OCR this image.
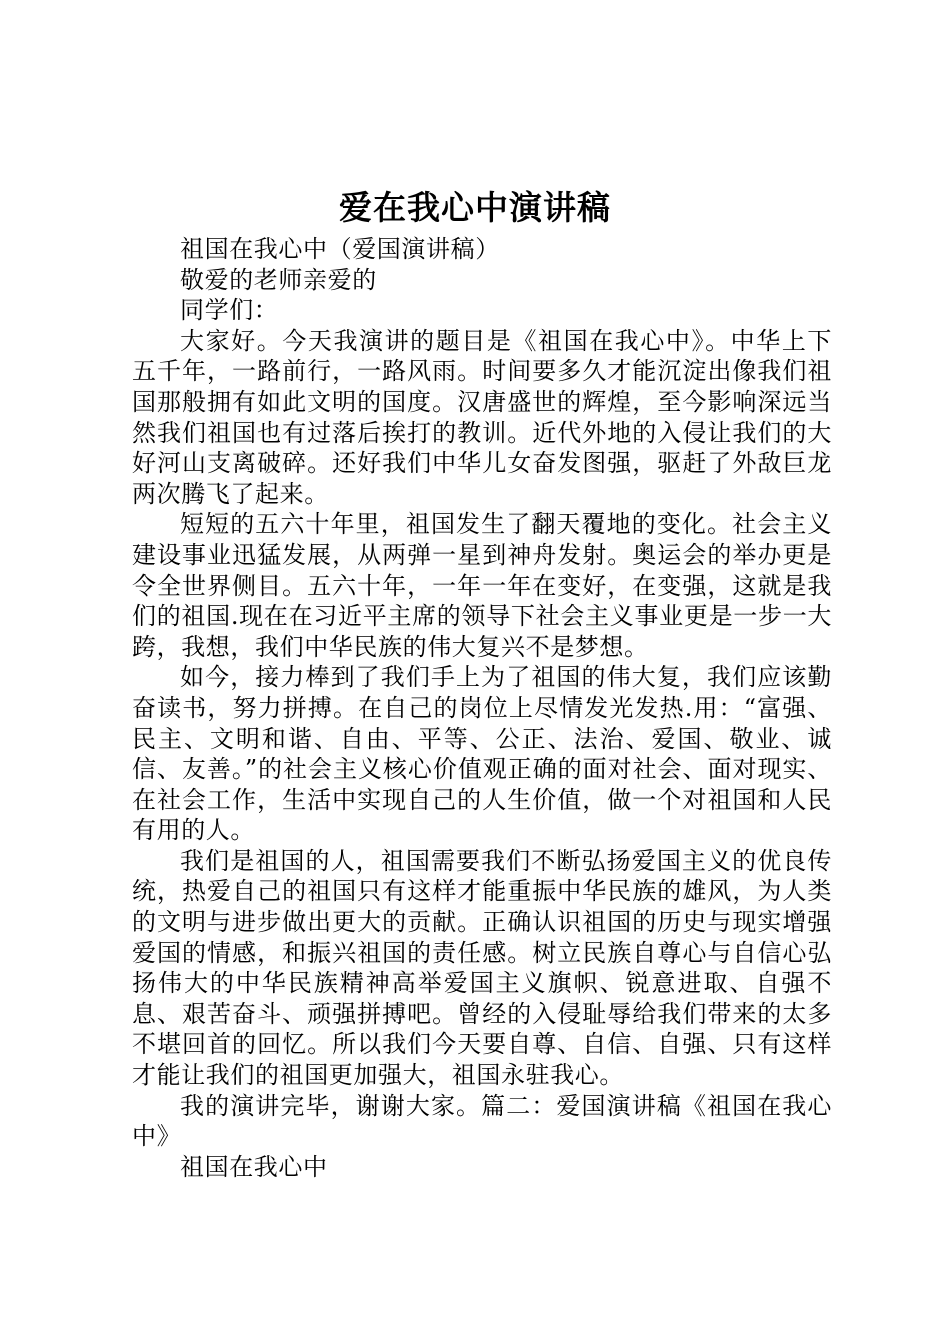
爱在我心中演讲稿

祖国在我心中（爱国演讲稿）

敬爱的老师亲爱的

同学们：

大家好。今天我演讲的题目是《祖国在我心中》。中华上下五千年，一路前行，一路风雨。时间要多久才能沉淀出像我们祖国那般拥有如此文明的国度。汉唐盛世的辉煌，至今影响深远当然我们祖国也有过落后挨打的教训。近代外地的入侵让我们的大好河山支离破碎。还好我们中华儿女奋发图强，驱赶了外敌巨龙两次腾飞了起来。

短短的五六十年里，祖国发生了翻天覆地的变化。社会主义建设事业迅猛发展，从两弹一星到神舟发射。奥运会的举办更是令全世界侧目。五六十年，一年一年在变好，在变强，这就是我们的祖国.现在在习近平主席的领导下社会主义事业更是一步一大跨，我想，我们中华民族的伟大复兴不是梦想。

如今，接力棒到了我们手上为了祖国的伟大复，我们应该勤奋读书，努力拼搏。在自己的岗位上尽情发光发热.用：“富强、民主、文明和谐、自由、平等、公正、法治、爱国、敬业、诚信、友善。”的社会主义核心价值观正确的面对社会、面对现实、在社会工作，生活中实现自己的人生价值，做一个对祖国和人民有用的人。

我们是祖国的人，祖国需要我们不断弘扬爱国主义的优良传统，热爱自己的祖国只有这样才能重振中华民族的雄风，为人类的文明与进步做出更大的贡献。正确认识祖国的历史与现实增强爱国的情感，和振兴祖国的责任感。树立民族自尊心与自信心弘扬伟大的中华民族精神高举爱国主义旗帜、锐意进取、自强不息、艰苦奋斗、顽强拼搏吧。曾经的入侵耻辱给我们带来的太多不堪回首的回忆。所以我们今天要自尊、自信、自强、只有这样才能让我们的祖国更加强大，祖国永驻我心。

我的演讲完毕，谢谢大家。篇二：爱国演讲稿《祖国在我心中》

祖国在我心中
